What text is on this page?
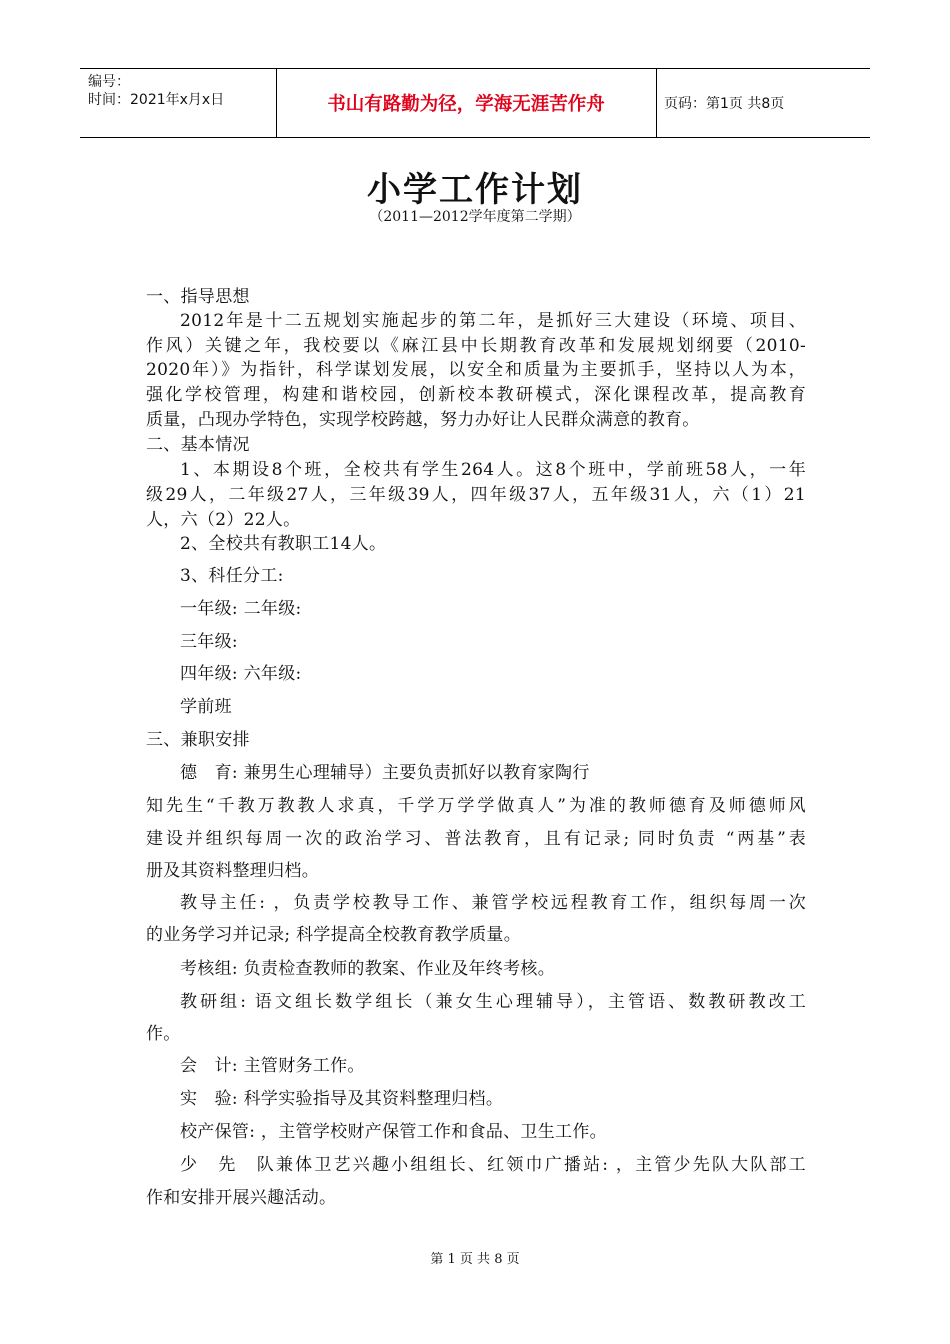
编号：
时间：2021年x月x日	书山有路勤为径，学海无涯苦作舟	页码：第1页 共8页
小学工作计划
（2011—2012学年度第二学期）
一、指导思想
2012年是十二五规划实施起步的第二年，是抓好三大建设（环境、项目、
作风）关键之年，我校要以《麻江县中长期教育改革和发展规划纲要（2010-
2020年）》为指针，科学谋划发展，以安全和质量为主要抓手，坚持以人为本，
强化学校管理，构建和谐校园，创新校本教研模式，深化课程改革，提高教育
质量，凸现办学特色，实现学校跨越，努力办好让人民群众满意的教育。
二、基本情况
1、本期设8个班，全校共有学生264人。这8个班中，学前班58人，一年
级29人，二年级27人，三年级39人，四年级37人，五年级31人，六（1）21
人，六（2）22人。
2、全校共有教职工14人。
3、科任分工:
一年级: 二年级:
三年级:
四年级: 六年级:
学前班
三、兼职安排
德　育: 兼男生心理辅导）主要负责抓好以教育家陶行
知先生“千教万教教人求真，千学万学学做真人”为准的教师德育及师德师风
建设并组织每周一次的政治学习、普法教育，且有记录; 同时负责 “两基”表
册及其资料整理归档。
教导主任: ，负责学校教导工作、兼管学校远程教育工作，组织每周一次
的业务学习并记录; 科学提高全校教育教学质量。
考核组: 负责检查教师的教案、作业及年终考核。
教研组: 语文组长数学组长（兼女生心理辅导），主管语、数教研教改工
作。
会　计: 主管财务工作。
实　验: 科学实验指导及其资料整理归档。
校产保管: ，主管学校财产保管工作和食品、卫生工作。
少　先　队兼体卫艺兴趣小组组长、红领巾广播站: ，主管少先队大队部工
作和安排开展兴趣活动。
第 1 页 共 8 页
